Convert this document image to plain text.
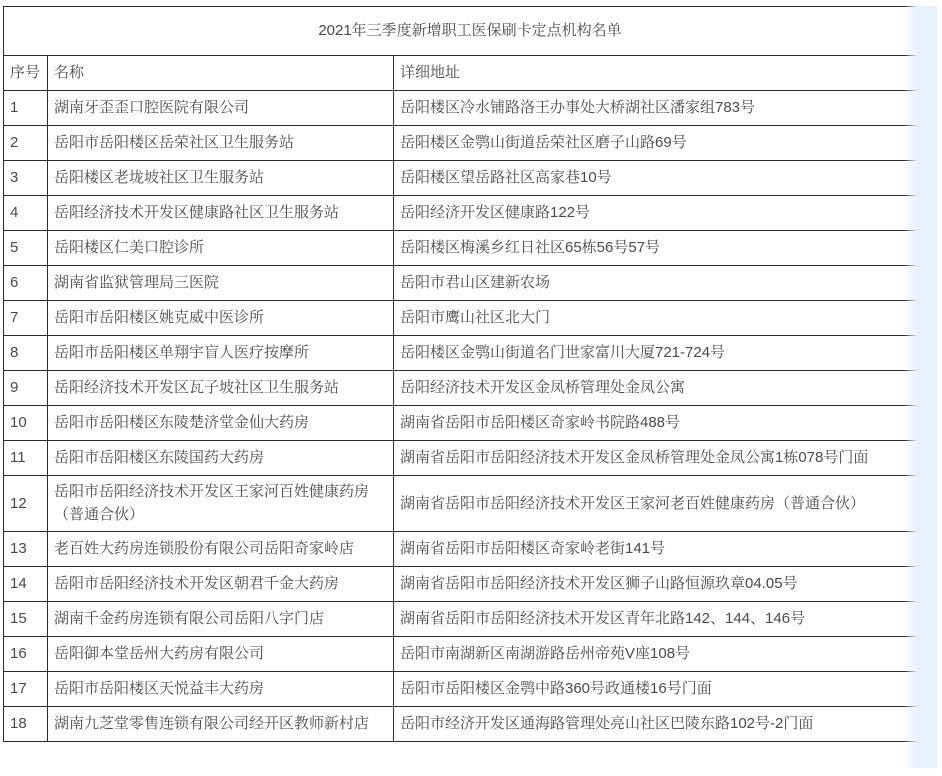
2021年三季度新增职工医保刷卡定点机构名单		
序号	名称	详细地址
1	湖南牙歪歪口腔医院有限公司	岳阳楼区冷水铺路洛王办事处大桥湖社区潘家组783号
2	岳阳市岳阳楼区岳荣社区卫生服务站	岳阳楼区金鹗山街道岳荣社区磨子山路69号
3	岳阳楼区老垅坡社区卫生服务站	岳阳楼区望岳路社区高家巷10号
4	岳阳经济技术开发区健康路社区卫生服务站	岳阳经济开发区健康路122号
5	岳阳楼区仁美口腔诊所	岳阳楼区梅溪乡红日社区65栋56号57号
6	湖南省监狱管理局三医院	岳阳市君山区建新农场
7	岳阳市岳阳楼区姚克威中医诊所	岳阳市鹰山社区北大门
8	岳阳市岳阳楼区单翔宇盲人医疗按摩所	岳阳楼区金鹗山街道名门世家富川大厦721-724号
9	岳阳经济技术开发区瓦子坡社区卫生服务站	岳阳经济技术开发区金凤桥管理处金凤公寓
10	岳阳市岳阳楼区东陵楚济堂金仙大药房	湖南省岳阳市岳阳楼区奇家岭书院路488号
11	岳阳市岳阳楼区东陵国药大药房	湖南省岳阳市岳阳经济技术开发区金凤桥管理处金凤公寓1栋078号门面
12	岳阳市岳阳经济技术开发区王家河百姓健康药房（普通合伙）	湖南省岳阳市岳阳经济技术开发区王家河老百姓健康药房（普通合伙）
13	老百姓大药房连锁股份有限公司岳阳奇家岭店	湖南省岳阳市岳阳楼区奇家岭老街141号
14	岳阳市岳阳经济技术开发区朝君千金大药房	湖南省岳阳市岳阳经济技术开发区狮子山路恒源玖章04.05号
15	湖南千金药房连锁有限公司岳阳八字门店	湖南省岳阳市岳阳经济技术开发区青年北路142、144、146号
16	岳阳御本堂岳州大药房有限公司	岳阳市南湖新区南湖游路岳州帝苑V座108号
17	岳阳市岳阳楼区天悦益丰大药房	岳阳市岳阳楼区金鹗中路360号政通楼16号门面
18	湖南九芝堂零售连锁有限公司经开区教师新村店	岳阳市经济开发区通海路管理处亮山社区巴陵东路102号-2门面
